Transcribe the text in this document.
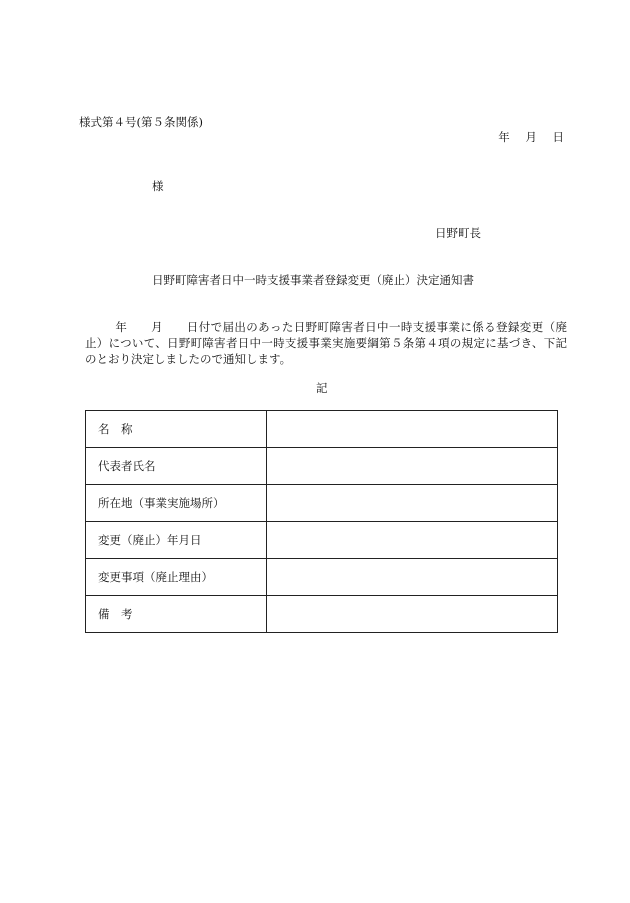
様式第４号(第５条関係)
年 月 日
様
日野町長
日野町障害者日中一時支援事業者登録変更（廃止）決定通知書
年　　 月　　 日付で届出のあった日野町障害者日中一時支援事業に係る登録変更（廃止）について、日野町障害者日中一時支援事業実施要綱第５条第４項の規定に基づき、下記のとおり決定しましたので通知します。
記
名　称	
代表者氏名	
所在地（事業実施場所）	
変更（廃止）年月日	
変更事項（廃止理由）	
備　考	
